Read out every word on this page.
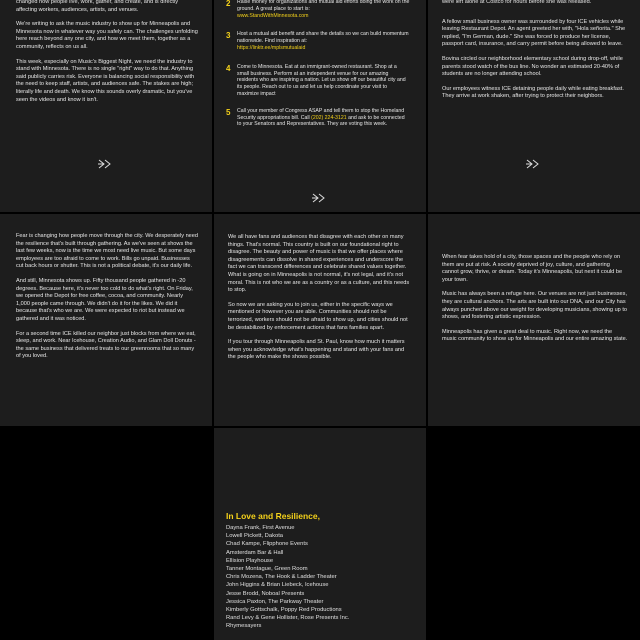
changed how people live, work, gather, and create, and is directly affecting workers, audiences, artists, and venues.

We're writing to ask the music industry to show up for Minneapolis and Minnesota now in whatever way you safely can. The challenges unfolding here reach beyond any one city, and how we meet them, together as a community, reflects on us all.

This week, especially on Music's Biggest Night, we need the industry to stand with Minnesota. There is no single "right" way to do that. Anything said publicly carries risk. Everyone is balancing social responsibility with the need to keep staff, artists, and audiences safe. The stakes are high; literally life and death. We know this sounds overly dramatic, but you've seen the videos and know it isn't.

2	Raise money for organizations and mutual aid efforts doing the work on the ground. A great place to start is:
www.StandWithMinnesota.com
3	Host a mutual aid benefit and share the details so we can build momentum nationwide. Find inspiration at:
https://linktr.ee/mplsmutualaid
4	Come to Minnesota. Eat at an immigrant-owned restaurant. Shop at a small business. Perform at an independent venue for our amazing residents who are inspiring a nation. Let us show off our beautiful city and its people. Reach out to us and let us help coordinate your visit to maximize impact
5	Call your member of Congress ASAP and tell them to stop the Homeland Security appropriations bill. Call (202) 224-3121 and ask to be connected to your Senators and Representatives. They are voting this week.

were left alone at Costco for hours before she was released.

A fellow small business owner was surrounded by four ICE vehicles while leaving Restaurant Depot. An agent greeted her with, "Hola señorita." She replied, "I'm German, dude." She was forced to produce her license, passport card, insurance, and carry permit before being allowed to leave.

Bovina circled our neighborhood elementary school during drop-off, while parents stood watch of the bus line. No wonder an estimated 20-40% of students are no longer attending school.

Our employees witness ICE detaining people daily while eating breakfast. They arrive at work shaken, after trying to protect their neighbors.

Fear is changing how people move through the city. We desperately need the resilience that's built through gathering. As we've seen at shows the last few weeks, now is the time we most need live music. But some days employees are too afraid to come to work. Bills go unpaid. Businesses cut back hours or shutter. This is not a political debate, it's our daily life.

And still, Minnesota shows up. Fifty thousand people gathered in -20 degrees. Because here, it's never too cold to do what's right. On Friday, we opened the Depot for free coffee, cocoa, and community. Nearly 1,000 people came through. We didn't do it for the likes. We did it because that's who we are. We were expected to riot but instead we gathered and it was noticed.

For a second time ICE killed our neighbor just blocks from where we eat, sleep, and work. Near Icehouse, Creation Audio, and Glam Doll Donuts - the same business that delivered treats to our greenrooms that so many of you loved.

We all have fans and audiences that disagree with each other on many things. That's normal. This country is built on our foundational right to disagree. The beauty and power of music is that we offer places where disagreements can dissolve in shared experiences and underscore the fact we can transcend differences and celebrate shared values together. What is going on in Minneapolis is not normal, it's not legal, and it's not moral. This is not who we are as a country or as a culture, and this needs to stop.

So now we are asking you to join us, either in the specific ways we mentioned or however you are able. Communities should not be terrorized, workers should not be afraid to show up, and cities should not be destabilized by enforcement actions that fans families apart.

If you tour through Minneapolis and St. Paul, know how much it matters when you acknowledge what's happening and stand with your fans and the people who make the shows possible.

When fear takes hold of a city, those spaces and the people who rely on them are put at risk. A society deprived of joy, culture, and gathering cannot grow, thrive, or dream. Today it's Minneapolis, but next it could be your town.

Music has always been a refuge here. Our venues are not just businesses, they are cultural anchors. The arts are built into our DNA, and our City has always punched above our weight for developing musicians, showing up to shows, and fostering artistic expression.

Minneapolis has given a great deal to music. Right now, we need the music community to show up for Minneapolis and our entire amazing state.

In Love and Resilience,
Dayna Frank, First Avenue
Lowell Pickett, Dakota
Chad Kampe, Flipphone Events
Amsterdam Bar & Hall
Ellision Playhouse
Tanner Montague, Green Room
Chris Mozena, The Hook & Ladder Theater
John Higgins & Brian Liebeck, Icehouse
Jesse Brodd, Noboal Presents
Jessica Paxton, The Parkway Theater
Kimberly Gottschalk, Poppy Red Productions
Rand Levy & Gene Hollister, Rose Presents Inc.
Rhymesayers
